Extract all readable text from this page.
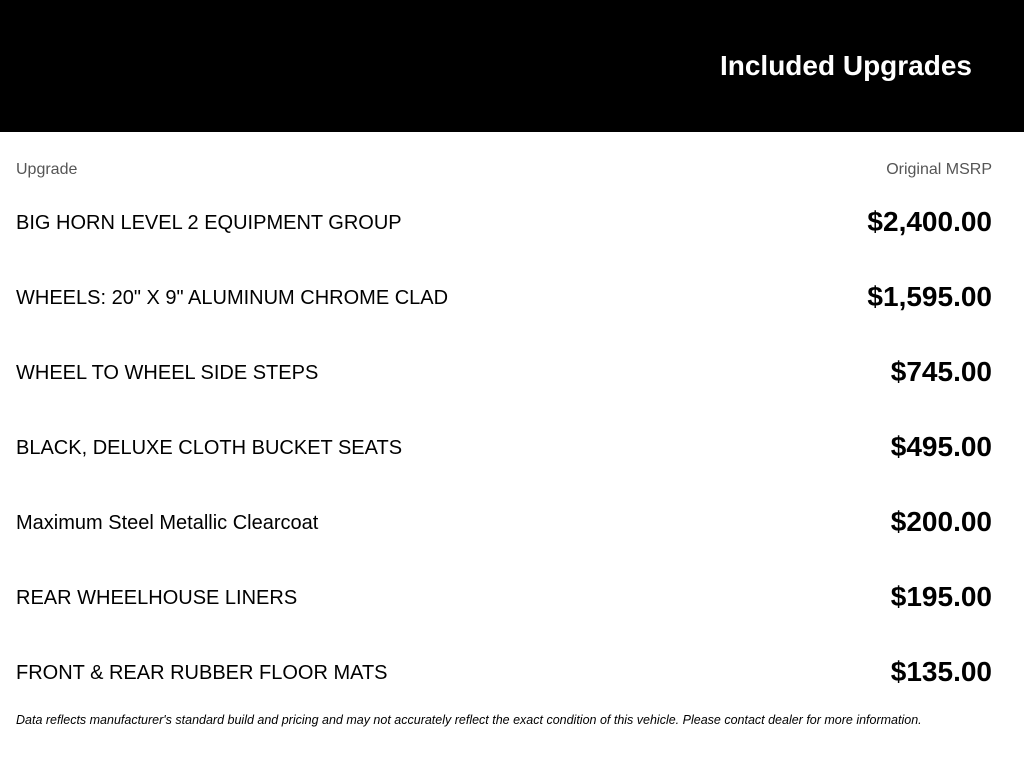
Included Upgrades
Upgrade	Original MSRP
BIG HORN LEVEL 2 EQUIPMENT GROUP	$2,400.00
WHEELS: 20" X 9" ALUMINUM CHROME CLAD	$1,595.00
WHEEL TO WHEEL SIDE STEPS	$745.00
BLACK, DELUXE CLOTH BUCKET SEATS	$495.00
Maximum Steel Metallic Clearcoat	$200.00
REAR WHEELHOUSE LINERS	$195.00
FRONT & REAR RUBBER FLOOR MATS	$135.00
Data reflects manufacturer's standard build and pricing and may not accurately reflect the exact condition of this vehicle. Please contact dealer for more information.
